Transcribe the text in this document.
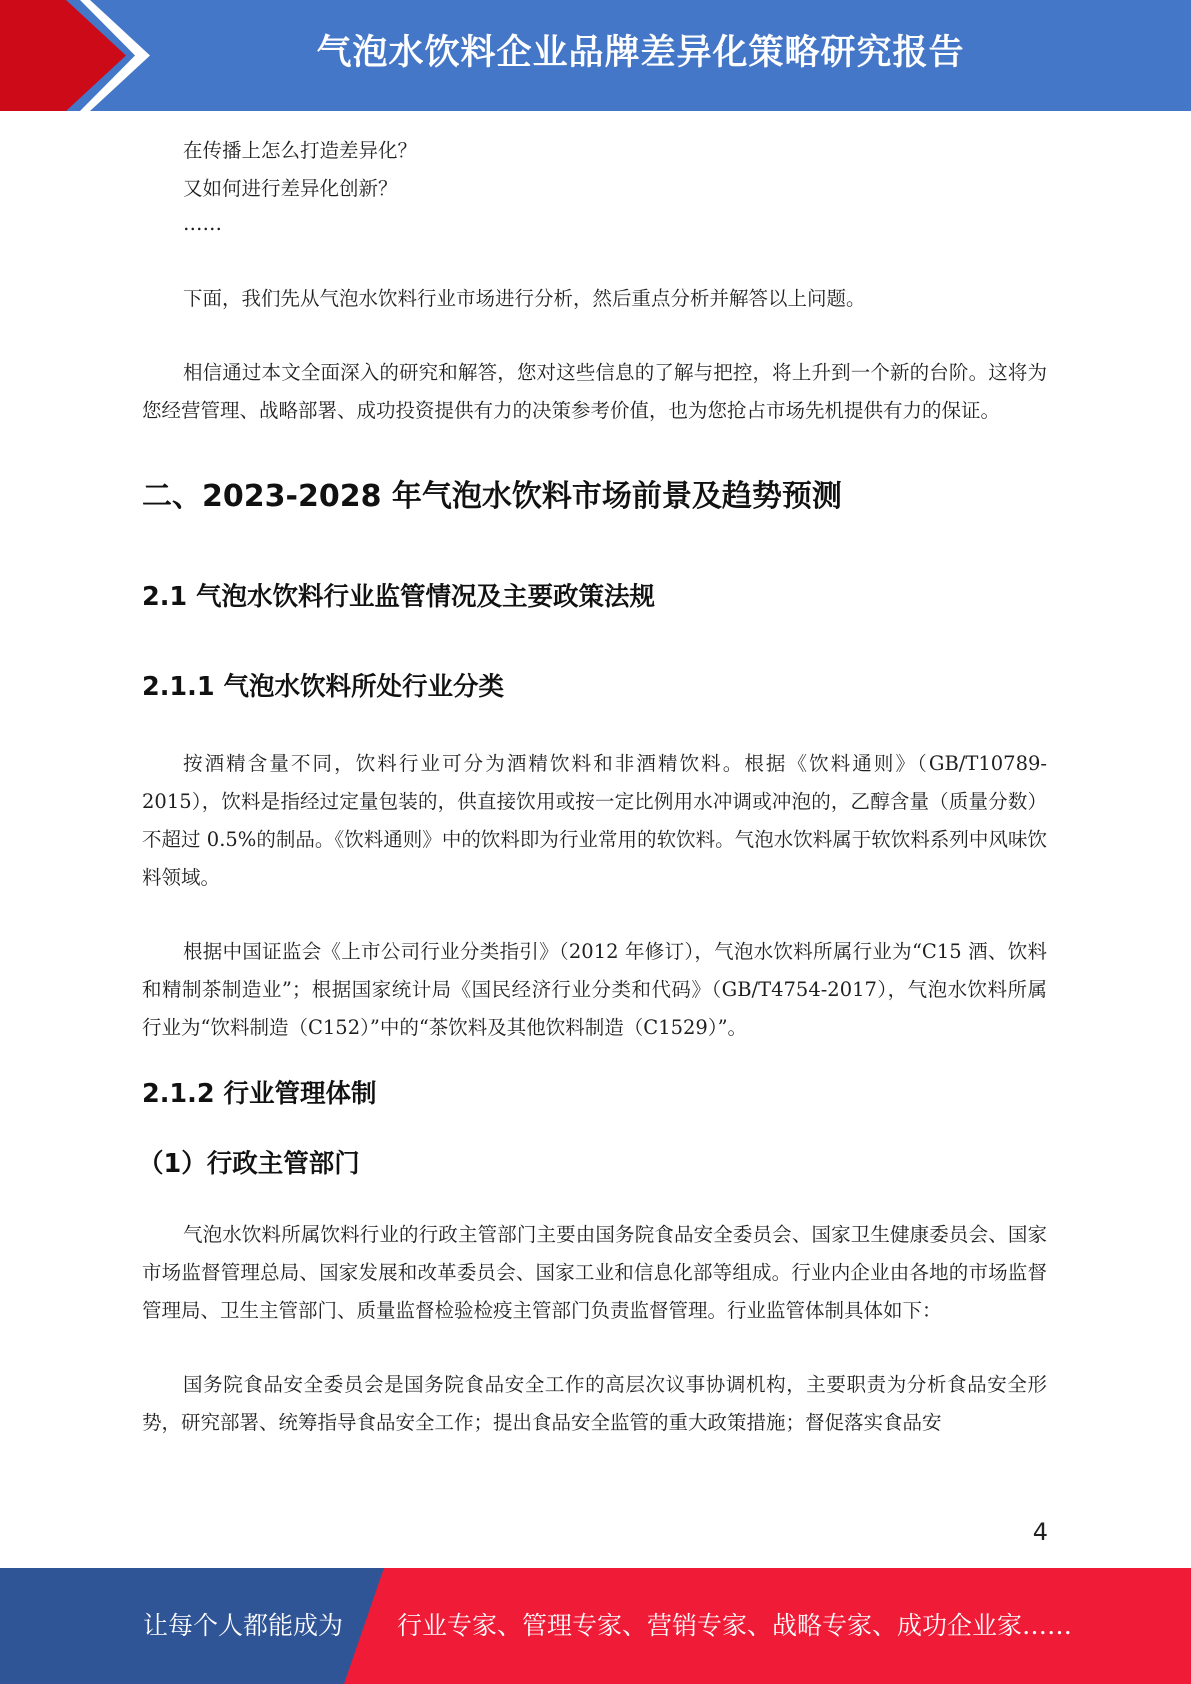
气泡水饮料企业品牌差异化策略研究报告

在传播上怎么打造差异化？

又如何进行差异化创新？

……

下面，我们先从气泡水饮料行业市场进行分析，然后重点分析并解答以上问题。

相信通过本文全面深入的研究和解答，您对这些信息的了解与把控，将上升到一个新的台阶。这将为您经营管理、战略部署、成功投资提供有力的决策参考价值，也为您抢占市场先机提供有力的保证。

二、2023-2028 年气泡水饮料市场前景及趋势预测
2.1 气泡水饮料行业监管情况及主要政策法规
2.1.1 气泡水饮料所处行业分类

按酒精含量不同，饮料行业可分为酒精饮料和非酒精饮料。根据《饮料通则》（GB/T10789-2015），饮料是指经过定量包装的，供直接饮用或按一定比例用水冲调或冲泡的，乙醇含量（质量分数）不超过 0.5%的制品。《饮料通则》中的饮料即为行业常用的软饮料。气泡水饮料属于软饮料系列中风味饮料领域。

根据中国证监会《上市公司行业分类指引》（2012 年修订），气泡水饮料所属行业为“C15 酒、饮料和精制茶制造业”；根据国家统计局《国民经济行业分类和代码》（GB/T4754-2017），气泡水饮料所属行业为“饮料制造（C152）”中的“茶饮料及其他饮料制造（C1529）”。

2.1.2 行业管理体制
（1）行政主管部门

气泡水饮料所属饮料行业的行政主管部门主要由国务院食品安全委员会、国家卫生健康委员会、国家市场监督管理总局、国家发展和改革委员会、国家工业和信息化部等组成。行业内企业由各地的市场监督管理局、卫生主管部门、质量监督检验检疫主管部门负责监督管理。行业监管体制具体如下：

国务院食品安全委员会是国务院食品安全工作的高层次议事协调机构，主要职责为分析食品安全形势，研究部署、统筹指导食品安全工作；提出食品安全监管的重大政策措施；督促落实食品安

4
让每个人都能成为 行业专家、管理专家、营销专家、战略专家、成功企业家……
